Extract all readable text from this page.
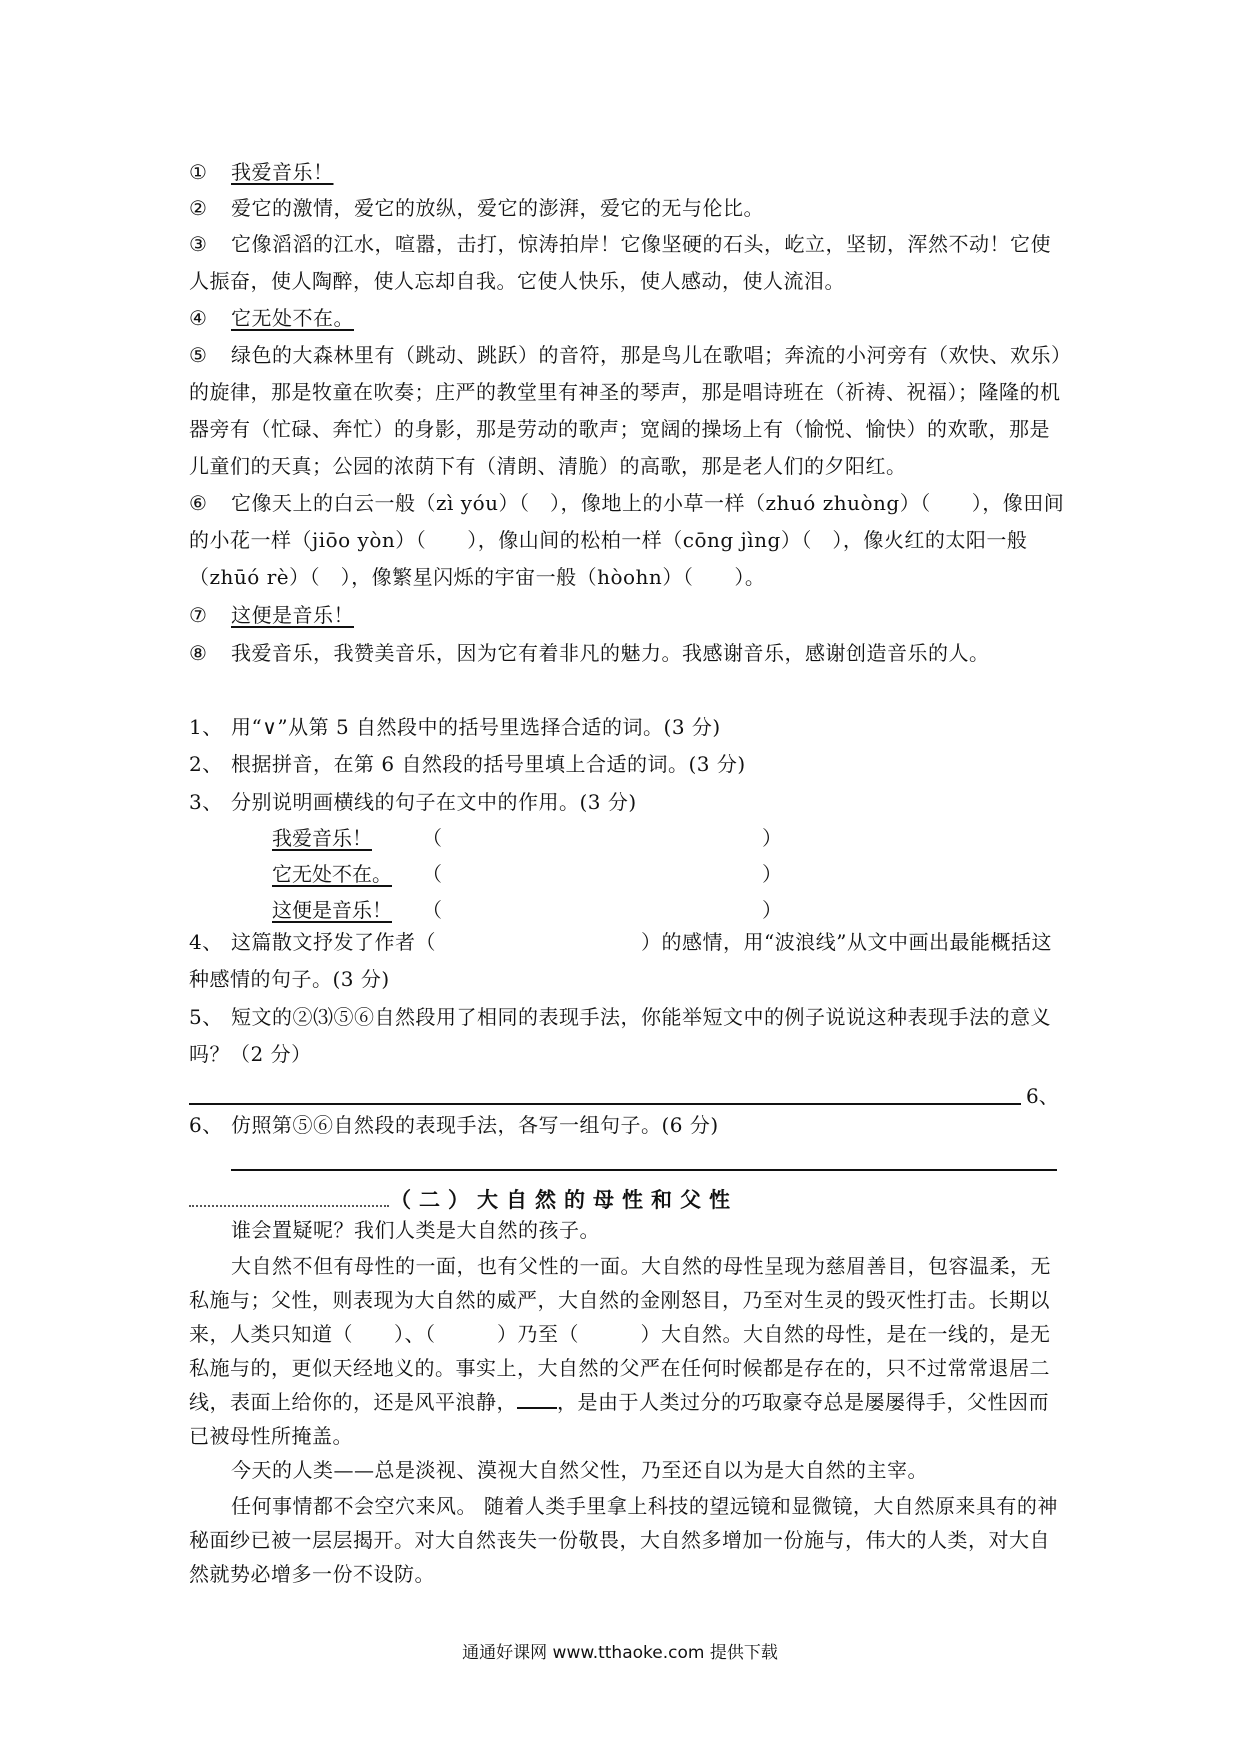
① 我爱音乐！
② 爱它的激情，爱它的放纵，爱它的澎湃，爱它的无与伦比。
③ 它像滔滔的江水，喧嚣，击打，惊涛拍岸！它像坚硬的石头，屹立，坚韧，浑然不动！它使人振奋，使人陶醉，使人忘却自我。它使人快乐，使人感动，使人流泪。
④ 它无处不在。
⑤ 绿色的大森林里有（跳动、跳跃）的音符，那是鸟儿在歌唱；奔流的小河旁有（欢快、欢乐）的旋律，那是牧童在吹奏；庄严的教堂里有神圣的琴声，那是唱诗班在（祈祷、祝福）；隆隆的机器旁有（忙碌、奔忙）的身影，那是劳动的歌声；宽阔的操场上有（愉悦、愉快）的欢歌，那是儿童们的天真；公园的浓荫下有（清朗、清脆）的高歌，那是老人们的夕阳红。
⑥ 它像天上的白云一般（zì yóu）（　），像地上的小草一样（zhuó zhuòng）（　　），像田间的小花一样（jiōo yòn）（　　），像山间的松柏一样（cōng jìng）（　），像火红的太阳一般（zhūó rè）（　），像繁星闪烁的宇宙一般（hòohn）（　　）。
⑦ 这便是音乐！
⑧ 我爱音乐，我赞美音乐，因为它有着非凡的魅力。我感谢音乐，感谢创造音乐的人。
1、 用“∨”从第 5 自然段中的括号里选择合适的词。(3 分)
2、 根据拼音，在第 6 自然段的括号里填上合适的词。(3 分)
3、 分别说明画横线的句子在文中的作用。(3 分)
我爱音乐！	（	）
它无处不在。 （	）
这便是音乐！ （	）
4、 这篇散文抒发了作者（　　　　　　　　　　）的感情，用“波浪线”从文中画出最能概括这种感情的句子。(3 分)
5、 短文的②⑶⑤⑥自然段用了相同的表现手法，你能举短文中的例子说说这种表现手法的意义吗？（2 分）
6、
6、 仿照第⑤⑥自然段的表现手法，各写一组句子。(6 分)
（二）大自然的母性和父性
谁会置疑呢？我们人类是大自然的孩子。
大自然不但有母性的一面，也有父性的一面。大自然的母性呈现为慈眉善目，包容温柔，无私施与；父性，则表现为大自然的威严，大自然的金刚怒目，乃至对生灵的毁灭性打击。长期以来，人类只知道（　　）、（　　　）乃至（　　　）大自然。大自然的母性，是在一线的，是无私施与的，更似天经地义的。事实上，大自然的父严在任何时候都是存在的，只不过常常退居二线，表面上给你的，还是风平浪静， ，是由于人类过分的巧取豪夺总是屡屡得手，父性因而已被母性所掩盖。
今天的人类——总是淡视、漠视大自然父性，乃至还自以为是大自然的主宰。
任何事情都不会空穴来风。 随着人类手里拿上科技的望远镜和显微镜，大自然原来具有的神秘面纱已被一层层揭开。对大自然丧失一份敬畏，大自然多增加一份施与，伟大的人类，对大自然就势必增多一份不设防。
通通好课网 www.tthaoke.com 提供下载
